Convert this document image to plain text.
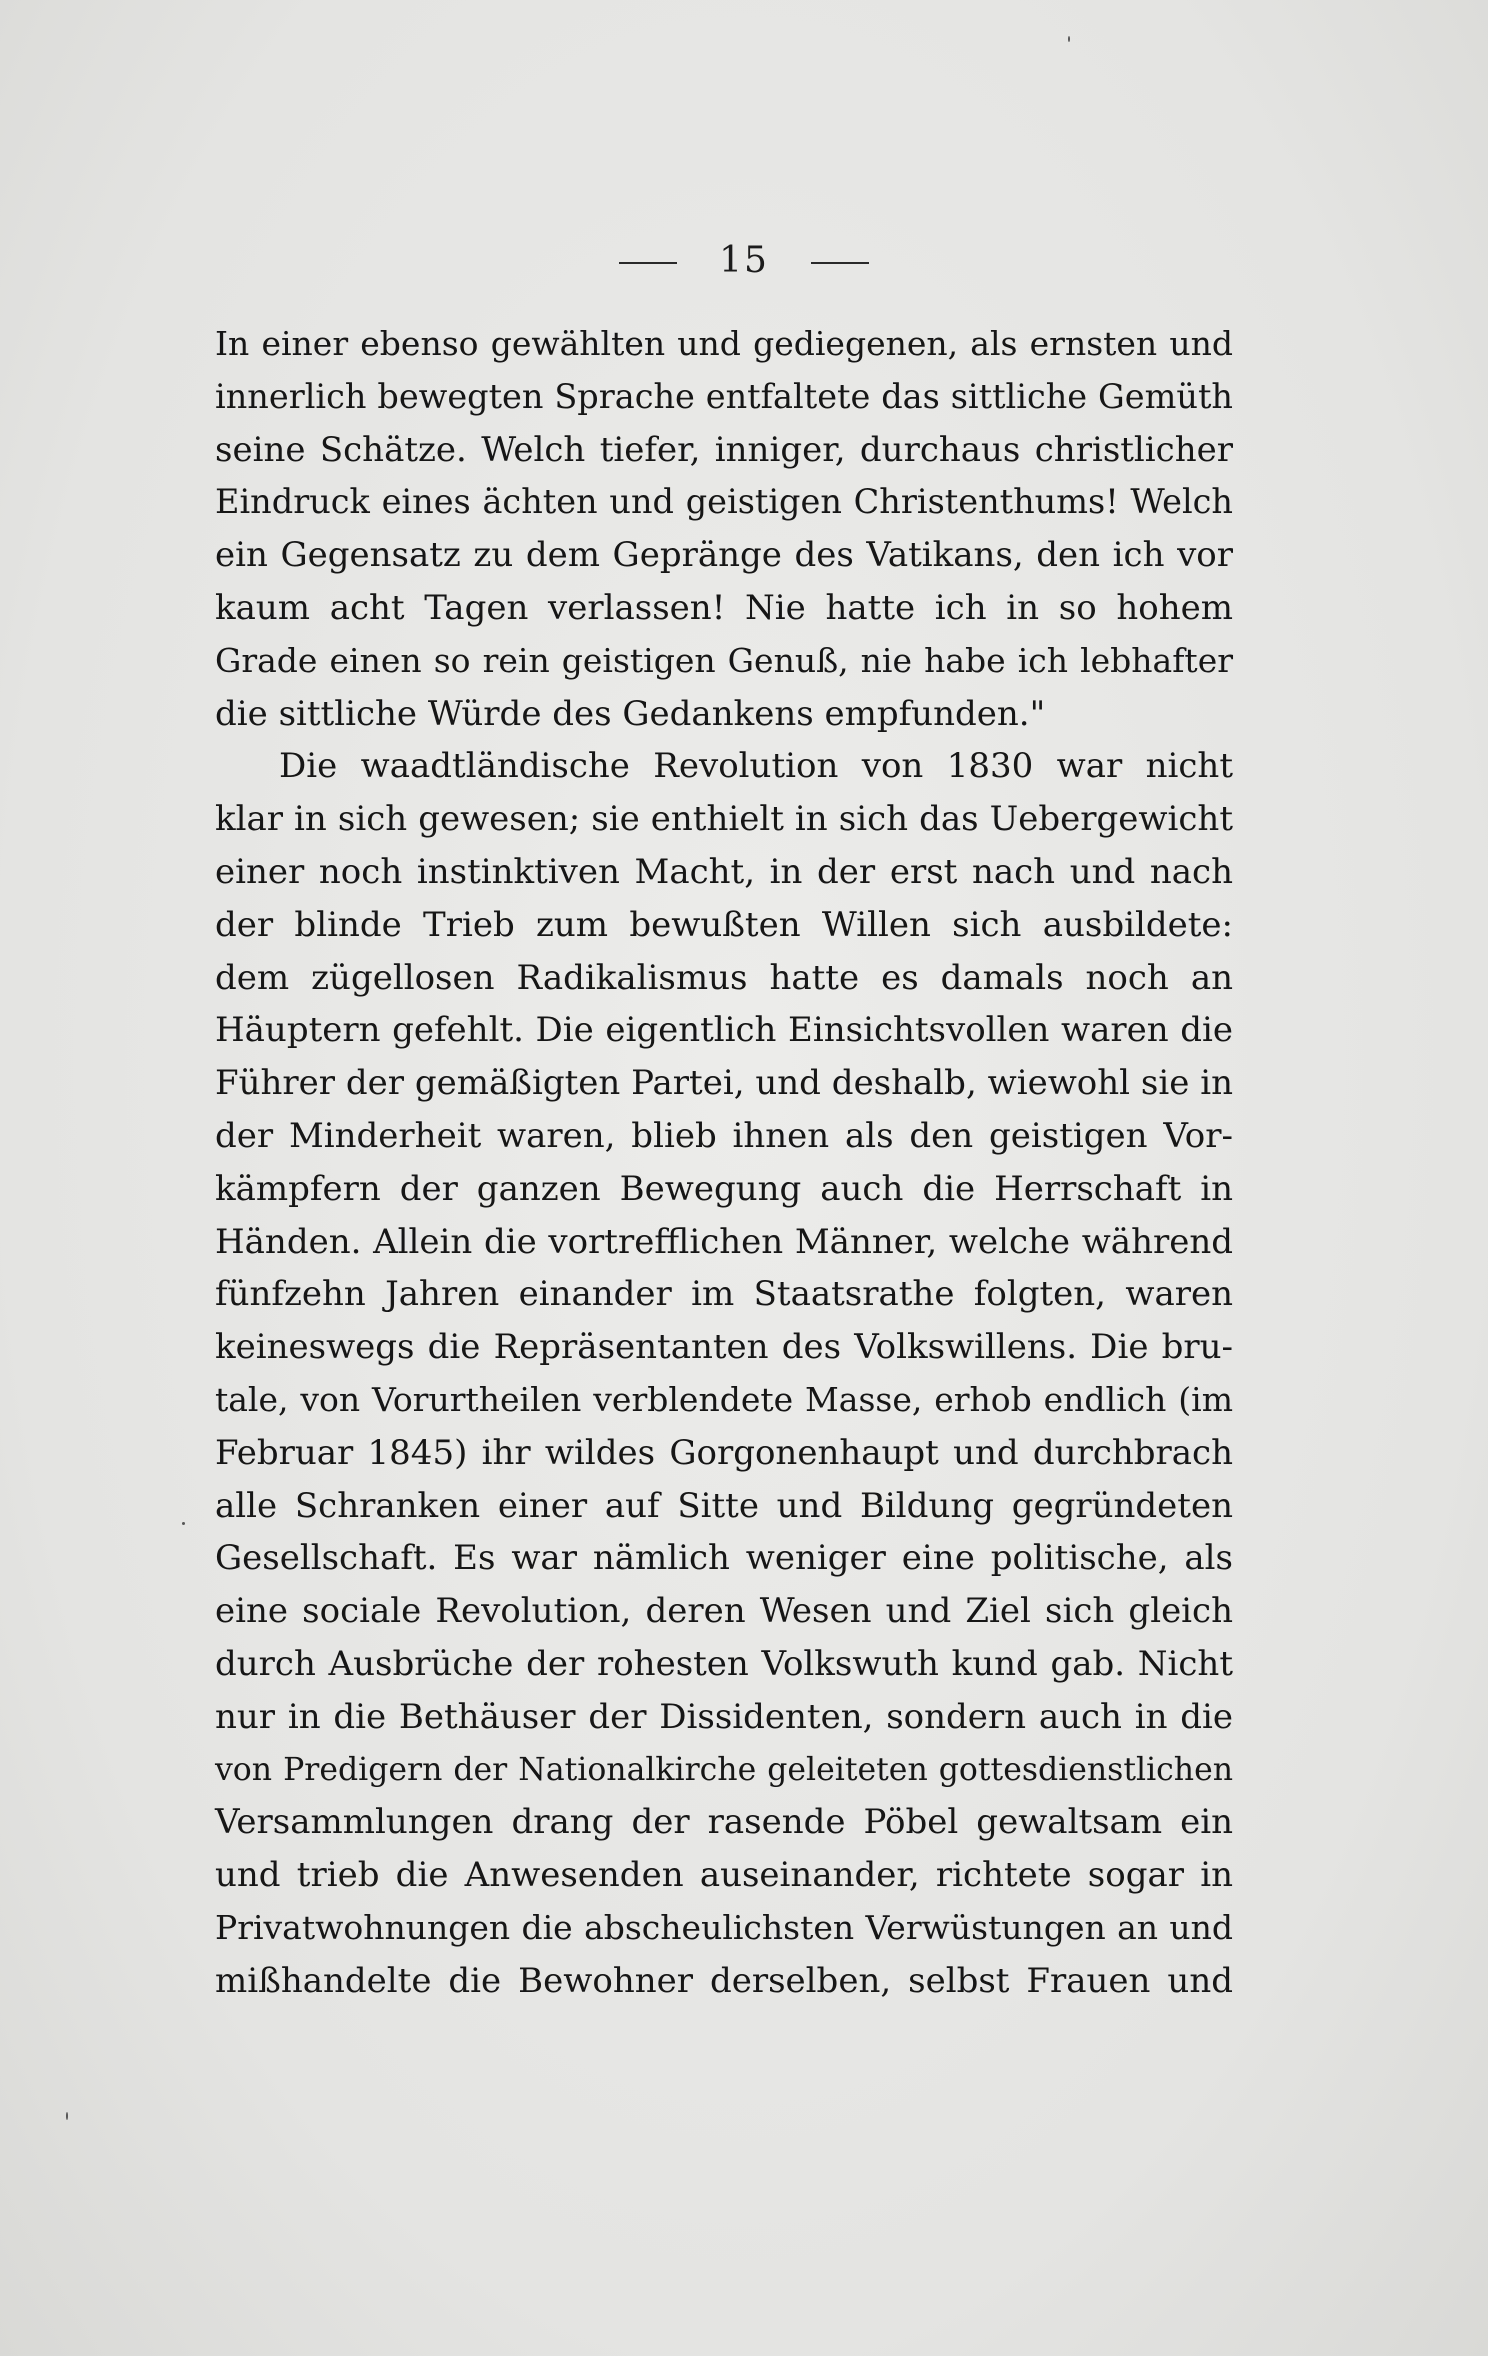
15
In einer ebenso gewählten und gediegenen, als ernsten und
innerlich bewegten Sprache entfaltete das sittliche Gemüth
seine Schätze. Welch tiefer, inniger, durchaus christlicher
Eindruck eines ächten und geistigen Christenthums! Welch
ein Gegensatz zu dem Gepränge des Vatikans, den ich vor
kaum acht Tagen verlassen! Nie hatte ich in so hohem
Grade einen so rein geistigen Genuß, nie habe ich lebhafter
die sittliche Würde des Gedankens empfunden."
Die waadtländische Revolution von 1830 war nicht
klar in sich gewesen; sie enthielt in sich das Uebergewicht
einer noch instinktiven Macht, in der erst nach und nach
der blinde Trieb zum bewußten Willen sich ausbildete:
dem zügellosen Radikalismus hatte es damals noch an
Häuptern gefehlt. Die eigentlich Einsichtsvollen waren die
Führer der gemäßigten Partei, und deshalb, wiewohl sie in
der Minderheit waren, blieb ihnen als den geistigen Vor-
kämpfern der ganzen Bewegung auch die Herrschaft in
Händen. Allein die vortrefflichen Männer, welche während
fünfzehn Jahren einander im Staatsrathe folgten, waren
keineswegs die Repräsentanten des Volkswillens. Die bru-
tale, von Vorurtheilen verblendete Masse, erhob endlich (im
Februar 1845) ihr wildes Gorgonenhaupt und durchbrach
alle Schranken einer auf Sitte und Bildung gegründeten
Gesellschaft. Es war nämlich weniger eine politische, als
eine sociale Revolution, deren Wesen und Ziel sich gleich
durch Ausbrüche der rohesten Volkswuth kund gab. Nicht
nur in die Bethäuser der Dissidenten, sondern auch in die
von Predigern der Nationalkirche geleiteten gottesdienstlichen
Versammlungen drang der rasende Pöbel gewaltsam ein
und trieb die Anwesenden auseinander, richtete sogar in
Privatwohnungen die abscheulichsten Verwüstungen an und
mißhandelte die Bewohner derselben, selbst Frauen und
